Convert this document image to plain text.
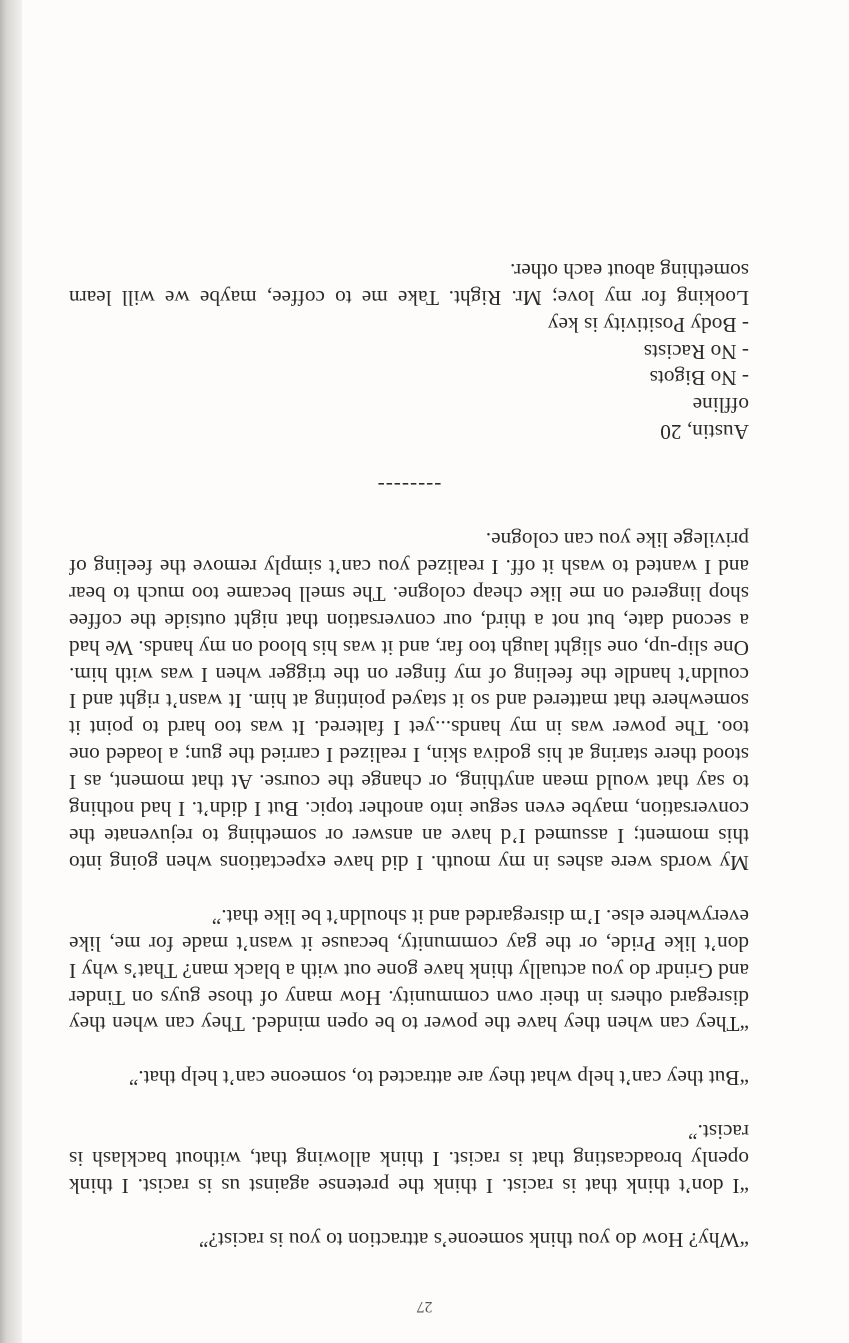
“Why? How do you think someone’s attraction to you is racist?”

“I don’t think that is racist. I think the pretense against us is racist. I think openly broadcasting that is racist. I think allowing that, without backlash is racist.”

“But they can’t help what they are attracted to, someone can’t help that.”

“They can when they have the power to be open minded. They can when they disregard others in their own community. How many of those guys on Tinder and Grindr do you actually think have gone out with a black man? That’s why I don’t like Pride, or the gay community, because it wasn’t made for me, like everywhere else. I’m disregarded and it shouldn’t be like that.”

My words were ashes in my mouth. I did have expectations when going into this moment; I assumed I’d have an answer or something to rejuvenate the conversation, maybe even segue into another topic. But I didn’t. I had nothing to say that would mean anything, or change the course. At that moment, as I stood there staring at his godiva skin, I realized I carried the gun; a loaded one too. The power was in my hands...yet I faltered. It was too hard to point it somewhere that mattered and so it stayed pointing at him. It wasn’t right and I couldn’t handle the feeling of my finger on the trigger when I was with him. One slip-up, one slight laugh too far, and it was his blood on my hands. We had a second date, but not a third, our conversation that night outside the coffee shop lingered on me like cheap cologne. The smell became too much to bear and I wanted to wash it off. I realized you can’t simply remove the feeling of privilege like you can cologne.

--------

Austin, 20

offline

- No Bigots

- No Racists

- Body Positivity is key

Looking for my love; Mr. Right. Take me to coffee, maybe we will learn something about each other.

27
